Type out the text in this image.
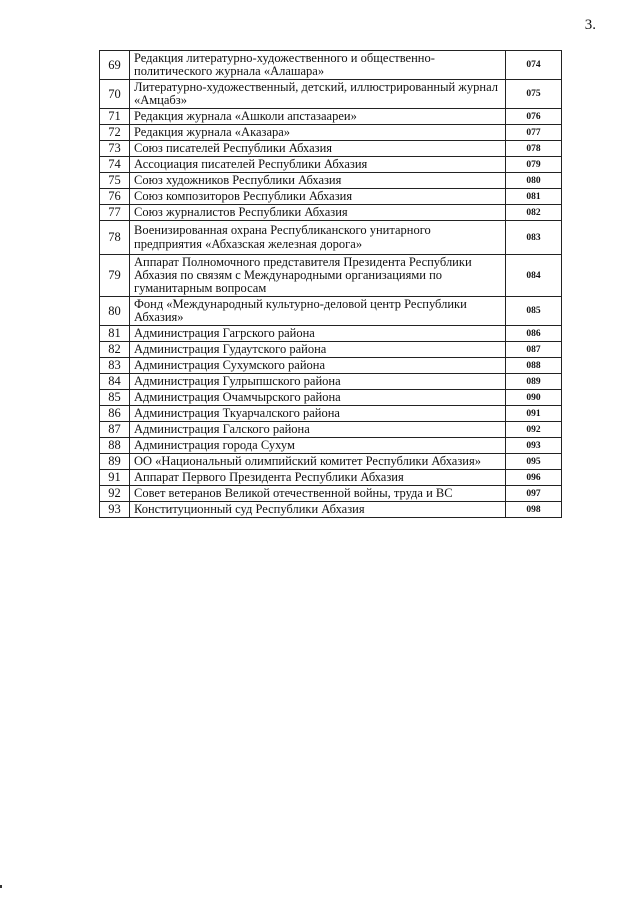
3.
69	Редакция литературно-художественного и общественно-политического журнала «Алашара»	074
70	Литературно-художественный, детский, иллюстрированный журнал «Амцабз»	075
71	Редакция журнала «Ашколи апстазаареи»	076
72	Редакция журнала «Аказара»	077
73	Союз писателей Республики Абхазия	078
74	Ассоциация писателей Республики Абхазия	079
75	Союз художников Республики Абхазия	080
76	Союз композиторов Республики Абхазия	081
77	Союз журналистов Республики Абхазия	082
78	Военизированная охрана Республиканского унитарного предприятия «Абхазская железная дорога»	083
79	Аппарат Полномочного представителя Президента Республики Абхазия по связям с Международными организациями по гуманитарным вопросам	084
80	Фонд «Международный культурно-деловой центр Республики Абхазия»	085
81	Администрация Гагрского района	086
82	Администрация Гудаутского района	087
83	Администрация Сухумского района	088
84	Администрация Гулрыпшского района	089
85	Администрация Очамчырского района	090
86	Администрация Ткуарчалского района	091
87	Администрация Галского района	092
88	Администрация города Сухум	093
89	ОО «Национальный олимпийский комитет Республики Абхазия»	095
91	Аппарат Первого Президента Республики Абхазия	096
92	Совет ветеранов Великой отечественной войны, труда и ВС	097
93	Конституционный суд Республики Абхазия	098
